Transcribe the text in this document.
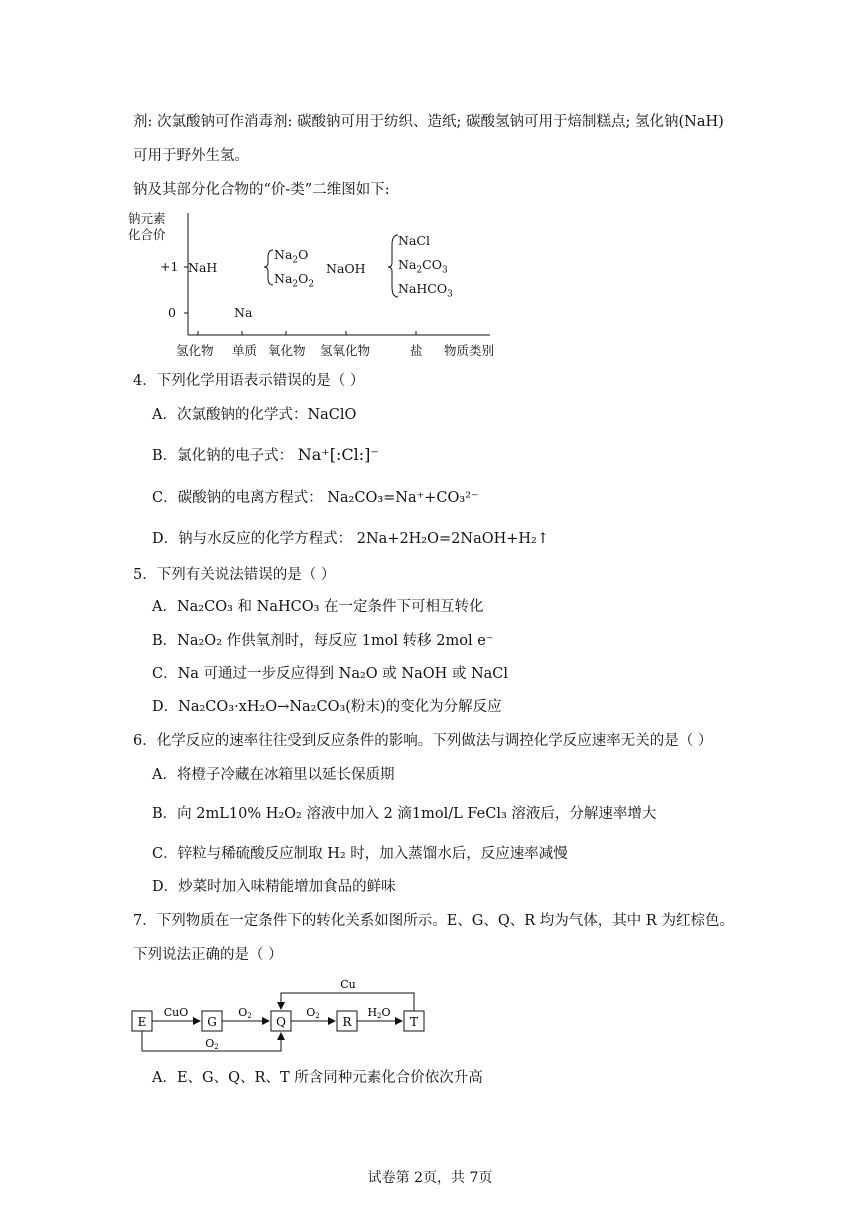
剂: 次氯酸钠可作消毒剂: 碳酸钠可用于纺织、造纸; 碳酸氢钠可用于焙制糕点; 氢化钠(NaH)
可用于野外生氢。
钠及其部分化合物的“价-类”二维图如下:
钠元素
化合价
+1
0
NaH
Na
$Na_2O$
$Na_2O_2$
NaOH
NaCl
$Na_2CO_3$
NaHCO$_3$
氢化物 单质 氧化物 氢氧化物	盐 物质类别
4．下列化学用语表示错误的是（ ）
A．次氯酸钠的化学式：NaClO
B．氯化钠的电子式： Na⁺[:Cl:]⁻
C．碳酸钠的电离方程式： Na₂CO₃=Na⁺+CO₃²⁻
D．钠与水反应的化学方程式： 2Na+2H₂O=2NaOH+H₂↑
5．下列有关说法错误的是（ ）
A．Na₂CO₃ 和 NaHCO₃ 在一定条件下可相互转化
B．Na₂O₂ 作供氧剂时，每反应 1mol 转移 2mol e⁻
C．Na 可通过一步反应得到 Na₂O 或 NaOH 或 NaCl
D．Na₂CO₃·xH₂O→Na₂CO₃(粉末)的变化为分解反应
6．化学反应的速率往往受到反应条件的影响。下列做法与调控化学反应速率无关的是（ ）
A．将橙子冷藏在冰箱里以延长保质期
B．向 2mL10% H₂O₂ 溶液中加入 2 滴1mol/L FeCl₃ 溶液后，分解速率增大
C．锌粒与稀硫酸反应制取 H₂ 时，加入蒸馏水后，反应速率减慢
D．炒菜时加入味精能增加食品的鲜味
7．下列物质在一定条件下的转化关系如图所示。E、G、Q、R 均为气体，其中 R 为红棕色。
下列说法正确的是（ ）
E	G	Q	R	T
CuO	O2	O2	H2O
Cu
O2
A．E、G、Q、R、T 所含同种元素化合价依次升高
试卷第 2页，共 7页
